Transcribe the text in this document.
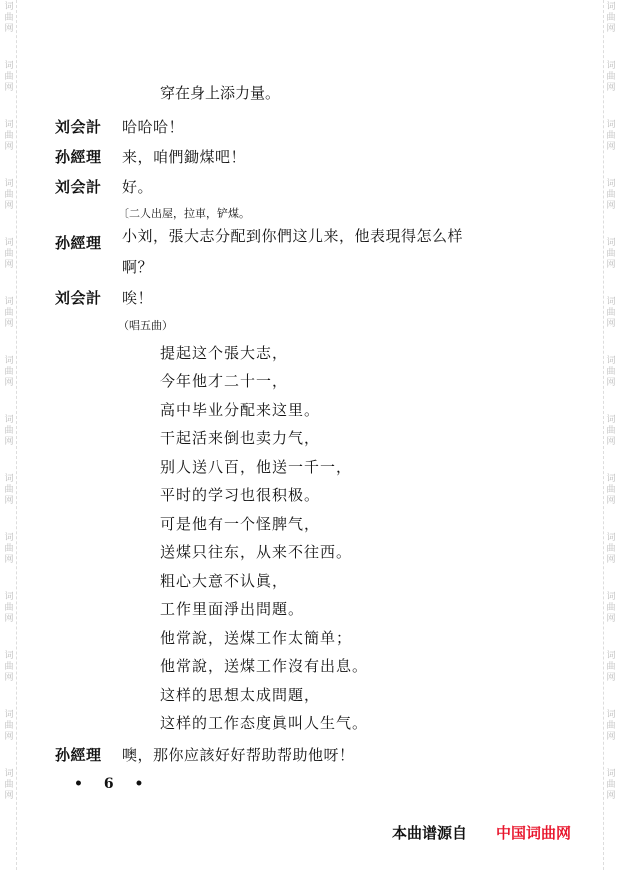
词
曲
网
词
曲
网
词
曲
网
词
曲
网
词
曲
网
词
曲
网
词
曲
网
词
曲
网
词
曲
网
词
曲
网
词
曲
网
词
曲
网
词
曲
网
词
曲
网
词
曲
网
词
曲
网
词
曲
网
词
曲
网
词
曲
网
词
曲
网
词
曲
网
词
曲
网
词
曲
网
词
曲
网
词
曲
网
词
曲
网
词
曲
网
词
曲
网
穿在身上添力量。
刘会計 哈哈哈！
孙經理 来，咱們鋤煤吧！
刘会計 好。
〔二人出屋，拉車，铲煤。
孙經理 小刘，張大志分配到你們这儿来，他表現得怎么样
啊？
刘会計 唉！
（唱五曲）
提起这个張大志，
今年他才二十一，
高中毕业分配来这里。
干起活来倒也卖力气，
别人送八百，他送一千一，
平时的学习也很积极。
可是他有一个怪脾气，
送煤只往东，从来不往西。
粗心大意不认眞，
工作里面淨出問題。
他常說，送煤工作太簡单；
他常說，送煤工作沒有出息。
这样的思想太成問題，
这样的工作态度眞叫人生气。
孙經理 噢，那你应該好好帮助帮助他呀！
• 6 •
本曲谱源自 中国词曲网
